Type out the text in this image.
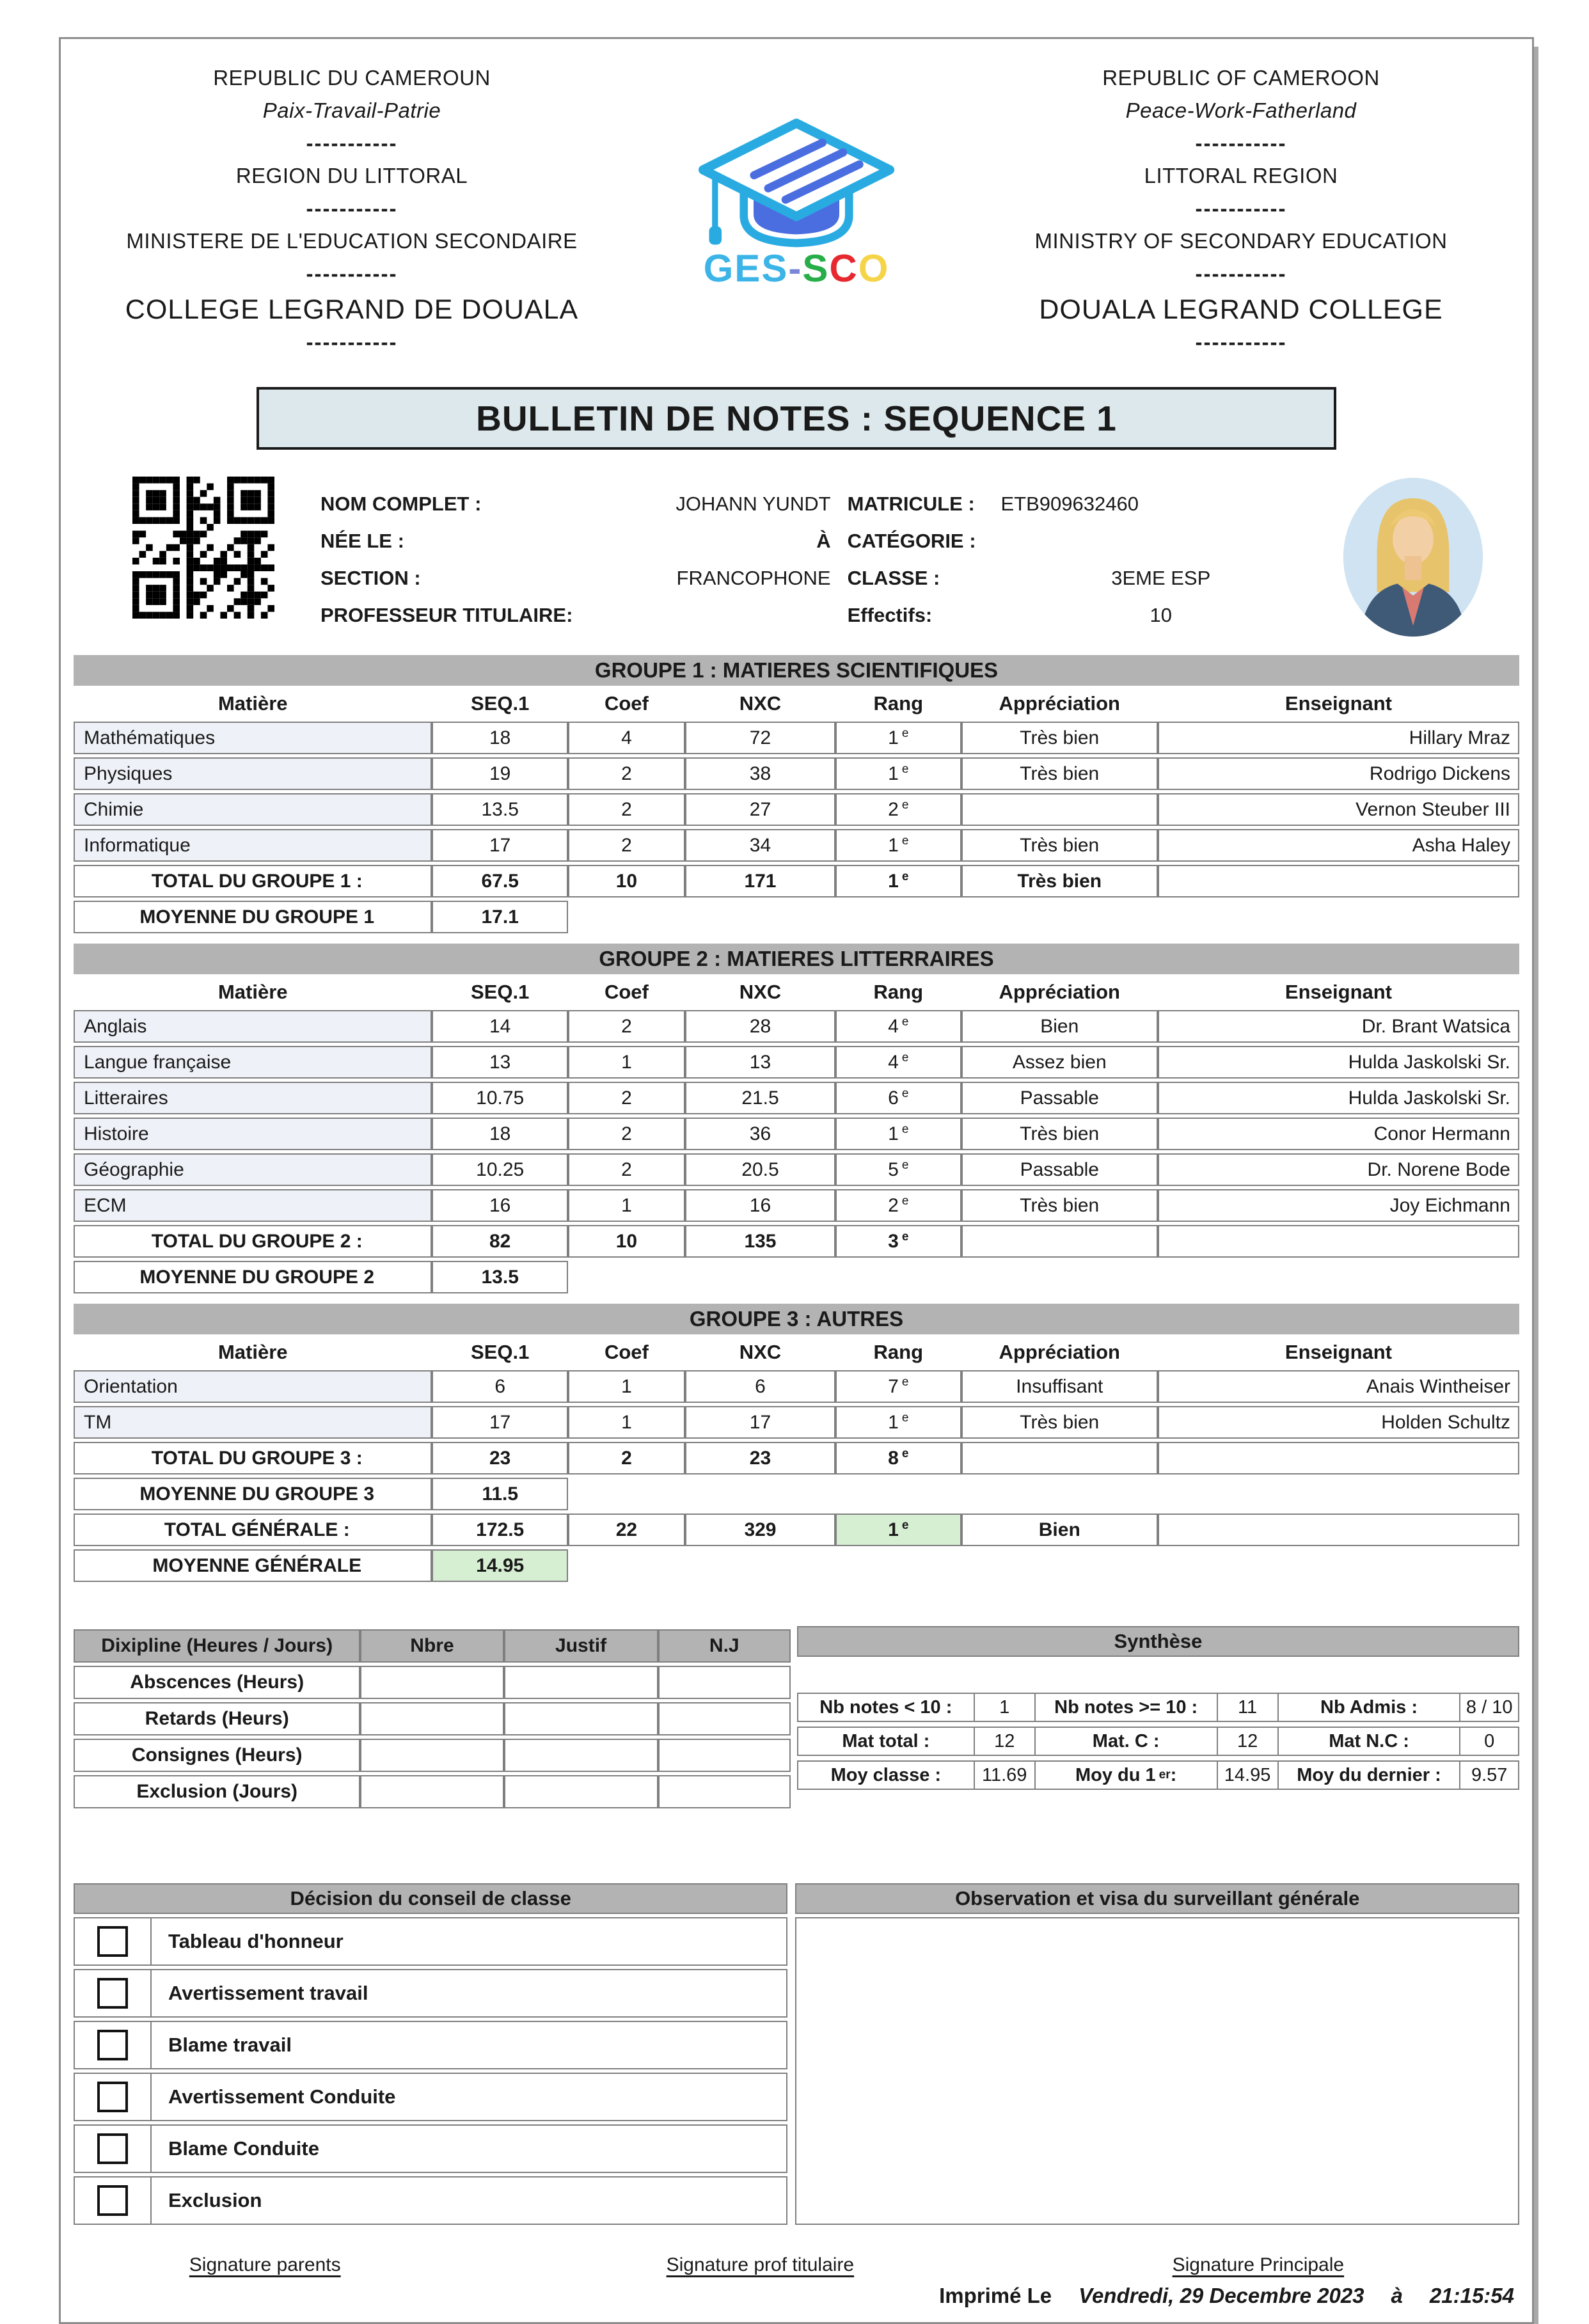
REPUBLIC DU CAMEROUN
Paix-Travail-Patrie
-----------
REGION DU LITTORAL
-----------
MINISTERE DE L'EDUCATION SECONDAIRE
-----------
COLLEGE LEGRAND DE DOUALA
-----------
GES-SCO
REPUBLIC OF CAMEROON
Peace-Work-Fatherland
-----------
LITTORAL REGION
-----------
MINISTRY OF SECONDARY EDUCATION
-----------
DOUALA LEGRAND COLLEGE
-----------
BULLETIN DE NOTES : SEQUENCE 1
NOM COMPLET :	JOHANN YUNDT MATRICULE :	ETB909632460
NÉE LE :	À CATÉGORIE :
SECTION :	FRANCOPHONE CLASSE :	3EME ESP
PROFESSEUR TITULAIRE:	Effectifs:	10
GROUPE 1 : MATIERES SCIENTIFIQUES						
Matière	SEQ.1	Coef	NXC	Rang	Appréciation	Enseignant
Mathématiques	18	4	72	1 $^e$	Très bien	Hillary Mraz
Physiques	19	2	38	1 $^e$	Très bien	Rodrigo Dickens
Chimie	13.5	2	27	2 $^e$		Vernon Steuber III
Informatique	17	2	34	1 $^e$	Très bien	Asha Haley
TOTAL DU GROUPE 1 :	67.5	10	171	1 $^e$	Très bien	
MOYENNE DU GROUPE 1	17.1					
GROUPE 2 : MATIERES LITTERRAIRES						
Matière	SEQ.1	Coef	NXC	Rang	Appréciation	Enseignant
Anglais	14	2	28	4 $^e$	Bien	Dr. Brant Watsica
Langue française	13	1	13	4 $^e$	Assez bien	Hulda Jaskolski Sr.
Litteraires	10.75	2	21.5	6 $^e$	Passable	Hulda Jaskolski Sr.
Histoire	18	2	36	1 $^e$	Très bien	Conor Hermann
Géographie	10.25	2	20.5	5 $^e$	Passable	Dr. Norene Bode
ECM	16	1	16	2 $^e$	Très bien	Joy Eichmann
TOTAL DU GROUPE 2 :	82	10	135	3 $^e$		
MOYENNE DU GROUPE 2	13.5					
GROUPE 3 : AUTRES						
Matière	SEQ.1	Coef	NXC	Rang	Appréciation	Enseignant
Orientation	6	1	6	7 $^e$	Insuffisant	Anais Wintheiser
TM	17	1	17	1 $^e$	Très bien	Holden Schultz
TOTAL DU GROUPE 3 :	23	2	23	8 $^e$		
MOYENNE DU GROUPE 3	11.5					
TOTAL GÉNÉRALE :	172.5	22	329	1 $^e$	Bien	
MOYENNE GÉNÉRALE	14.95					
Dixipline (Heures / Jours)	Nbre	Justif	N.J
Abscences (Heurs)			
Retards (Heurs)			
Consignes (Heurs)			
Exclusion (Jours)			
Synthèse
Nb notes < 10 :	1	Nb notes >= 10 :	11	Nb Admis :	8 / 10
Mat total :	12	Mat. C :	12	Mat N.C :	0
Moy classe :	11.69	Moy du 1 er :	14.95	Moy du dernier :	9.57
Décision du conseil de classe
Tableau d'honneur
Avertissement travail
Blame travail
Avertissement Conduite
Blame Conduite
Exclusion
Observation et visa du surveillant générale
Signature parents	Signature prof titulaire	Signature Principale
Imprimé Le Vendredi, 29 Decembre 2023 à 21:15:54
